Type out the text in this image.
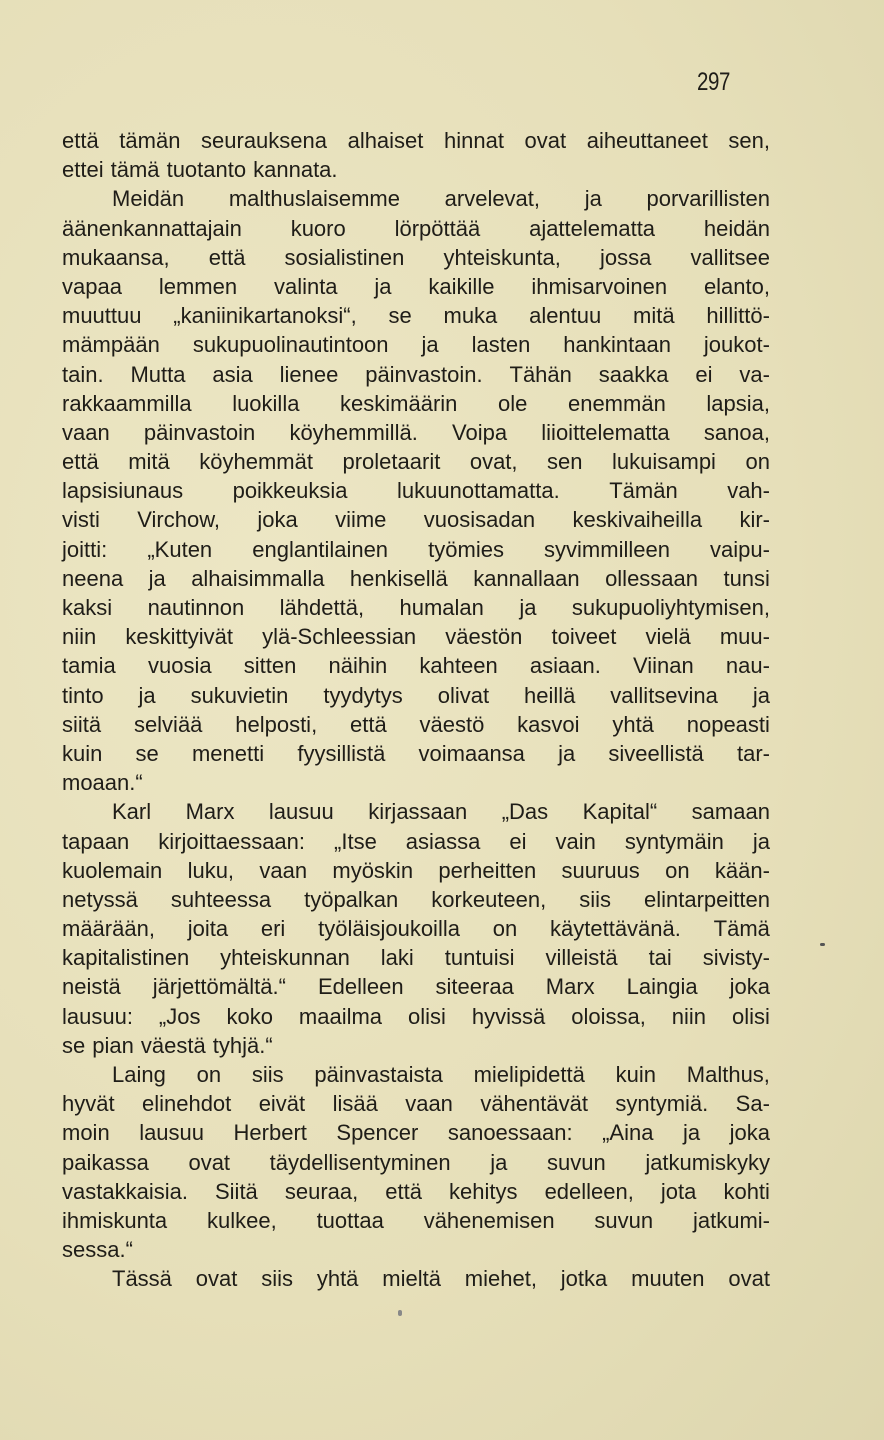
297
että tämän seurauksena alhaiset hinnat ovat aiheuttaneet sen,
ettei tämä tuotanto kannata.
Meidän malthuslaisemme arvelevat, ja porvarillisten
äänenkannattajain kuoro lörpöttää ajattelematta heidän
mukaansa, että sosialistinen yhteiskunta, jossa vallitsee
vapaa lemmen valinta ja kaikille ihmisarvoinen elanto,
muuttuu „kaniinikartanoksi“, se muka alentuu mitä hillittö-
mämpään sukupuolinautintoon ja lasten hankintaan joukot-
tain. Mutta asia lienee päinvastoin. Tähän saakka ei va-
rakkaammilla luokilla keskimäärin ole enemmän lapsia,
vaan päinvastoin köyhemmillä. Voipa liioittelematta sanoa,
että mitä köyhemmät proletaarit ovat, sen lukuisampi on
lapsisiunaus poikkeuksia lukuunottamatta. Tämän vah-
visti Virchow, joka viime vuosisadan keskivaiheilla kir-
joitti: „Kuten englantilainen työmies syvimmilleen vaipu-
neena ja alhaisimmalla henkisellä kannallaan ollessaan tunsi
kaksi nautinnon lähdettä, humalan ja sukupuoliyhtymisen,
niin keskittyivät ylä-Schleessian väestön toiveet vielä muu-
tamia vuosia sitten näihin kahteen asiaan. Viinan nau-
tinto ja sukuvietin tyydytys olivat heillä vallitsevina ja
siitä selviää helposti, että väestö kasvoi yhtä nopeasti
kuin se menetti fyysillistä voimaansa ja siveellistä tar-
moaan.“
Karl Marx lausuu kirjassaan „Das Kapital“ samaan
tapaan kirjoittaessaan: „Itse asiassa ei vain syntymäin ja
kuolemain luku, vaan myöskin perheitten suuruus on kään-
netyssä suhteessa työpalkan korkeuteen, siis elintarpeitten
määrään, joita eri työläisjoukoilla on käytettävänä. Tämä
kapitalistinen yhteiskunnan laki tuntuisi villeistä tai sivisty-
neistä järjettömältä.“ Edelleen siteeraa Marx Laingia joka
lausuu: „Jos koko maailma olisi hyvissä oloissa, niin olisi
se pian väestä tyhjä.“
Laing on siis päinvastaista mielipidettä kuin Malthus,
hyvät elinehdot eivät lisää vaan vähentävät syntymiä. Sa-
moin lausuu Herbert Spencer sanoessaan: „Aina ja joka
paikassa ovat täydellisentyminen ja suvun jatkumiskyky
vastakkaisia. Siitä seuraa, että kehitys edelleen, jota kohti
ihmiskunta kulkee, tuottaa vähenemisen suvun jatkumi-
sessa.“
Tässä ovat siis yhtä mieltä miehet, jotka muuten ovat
